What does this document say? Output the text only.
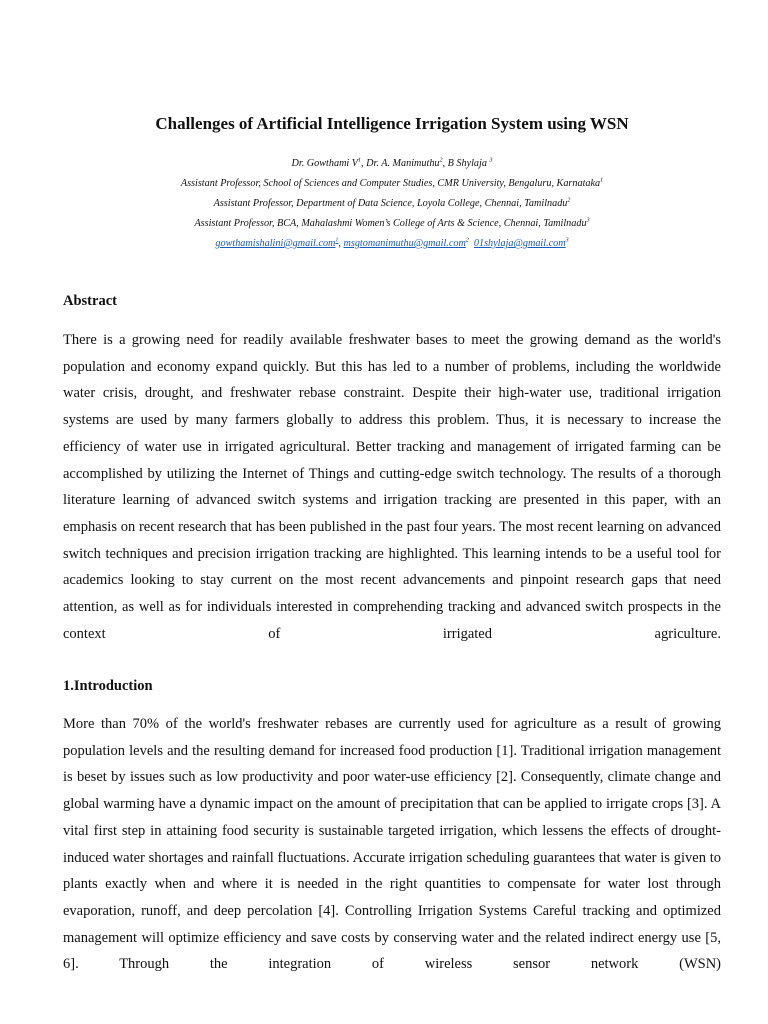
Challenges of Artificial Intelligence Irrigation System using WSN
Dr. Gowthami $V^1$, Dr. A. Manimuthu$^2$, B Shylaja $^3$
Assistant Professor, School of Sciences and Computer Studies, CMR University, Bengaluru, Karnataka$^1$
Assistant Professor, Department of Data Science, Loyola College, Chennai, Tamilnadu$^2$
Assistant Professor, BCA, Mahalashmi Women’s College of Arts & Science, Chennai, Tamilnadu$^3$
gowthamishalini@gmail.com$^1$, msgtomanimuthu@gmail.com$^2$ 01shylaja@gmail.com$^3$
Abstract

There is a growing need for readily available freshwater bases to meet the growing demand as the world's population and economy expand quickly. But this has led to a number of problems, including the worldwide water crisis, drought, and freshwater rebase constraint. Despite their high-water use, traditional irrigation systems are used by many farmers globally to address this problem. Thus, it is necessary to increase the efficiency of water use in irrigated agricultural. Better tracking and management of irrigated farming can be accomplished by utilizing the Internet of Things and cutting-edge switch technology. The results of a thorough literature learning of advanced switch systems and irrigation tracking are presented in this paper, with an emphasis on recent research that has been published in the past four years. The most recent learning on advanced switch techniques and precision irrigation tracking are highlighted. This learning intends to be a useful tool for academics looking to stay current on the most recent advancements and pinpoint research gaps that need attention, as well as for individuals interested in comprehending tracking and advanced switch prospects in the context of irrigated agriculture.

1.Introduction

More than 70% of the world's freshwater rebases are currently used for agriculture as a result of growing population levels and the resulting demand for increased food production [1]. Traditional irrigation management is beset by issues such as low productivity and poor water-use efficiency [2]. Consequently, climate change and global warming have a dynamic impact on the amount of precipitation that can be applied to irrigate crops [3]. A vital first step in attaining food security is sustainable targeted irrigation, which lessens the effects of drought-induced water shortages and rainfall fluctuations. Accurate irrigation scheduling guarantees that water is given to plants exactly when and where it is needed in the right quantities to compensate for water lost through evaporation, runoff, and deep percolation [4]. Controlling Irrigation Systems Careful tracking and optimized management will optimize efficiency and save costs by conserving water and the related indirect energy use [5, 6]. Through the integration of wireless sensor network (WSN)
